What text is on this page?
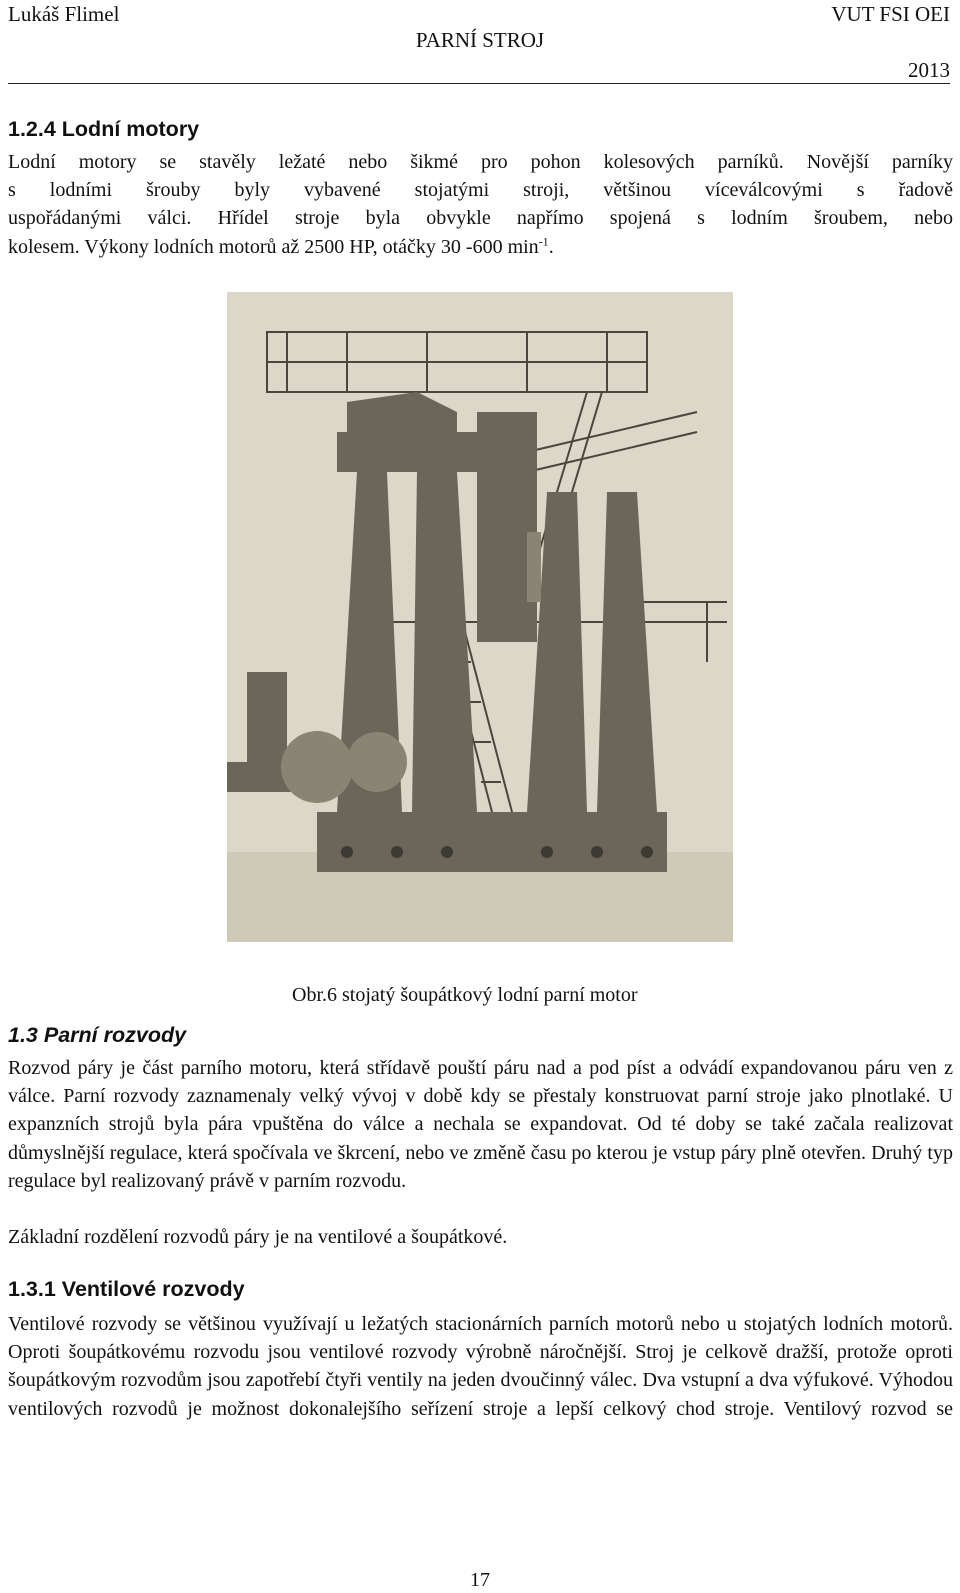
Lukáš Flimel
PARNÍ STROJ
VUT FSI OEI
2013
1.2.4 Lodní motory
Lodní motory se stavěly ležaté nebo šikmé pro pohon kolesových parníků. Novější parníky
s lodními šrouby byly vybavené stojatými stroji, většinou víceválcovými s řadově
uspořádanými válci. Hřídel stroje byla obvykle napřímo spojená s lodním šroubem, nebo
kolesem. Výkony lodních motorů až 2500 HP, otáčky 30 -600 $\min^{-1}$.
Obr.6 stojatý šoupátkový lodní parní motor
1.3 Parní rozvody
Rozvod páry je část parního motoru, která střídavě pouští páru nad a pod píst a odvádí expandovanou páru ven z válce. Parní rozvody zaznamenaly velký vývoj v době kdy se přestaly konstruovat parní stroje jako plnotlaké. U expanzních strojů byla pára vpuštěna do válce a nechala se expandovat. Od té doby se také začala realizovat důmyslnější regulace, která spočívala ve škrcení, nebo ve změně času po kterou je vstup páry plně otevřen. Druhý typ regulace byl realizovaný právě v parním rozvodu.
Základní rozdělení rozvodů páry je na ventilové a šoupátkové.
1.3.1 Ventilové rozvody
Ventilové rozvody se většinou využívají u ležatých stacionárních parních motorů nebo u stojatých lodních motorů. Oproti šoupátkovému rozvodu jsou ventilové rozvody výrobně náročnější. Stroj je celkově dražší, protože oproti šoupátkovým rozvodům jsou zapotřebí čtyři ventily na jeden dvoučinný válec. Dva vstupní a dva výfukové. Výhodou ventilových rozvodů je možnost dokonalejšího seřízení stroje a lepší celkový chod stroje. Ventilový rozvod se
17
